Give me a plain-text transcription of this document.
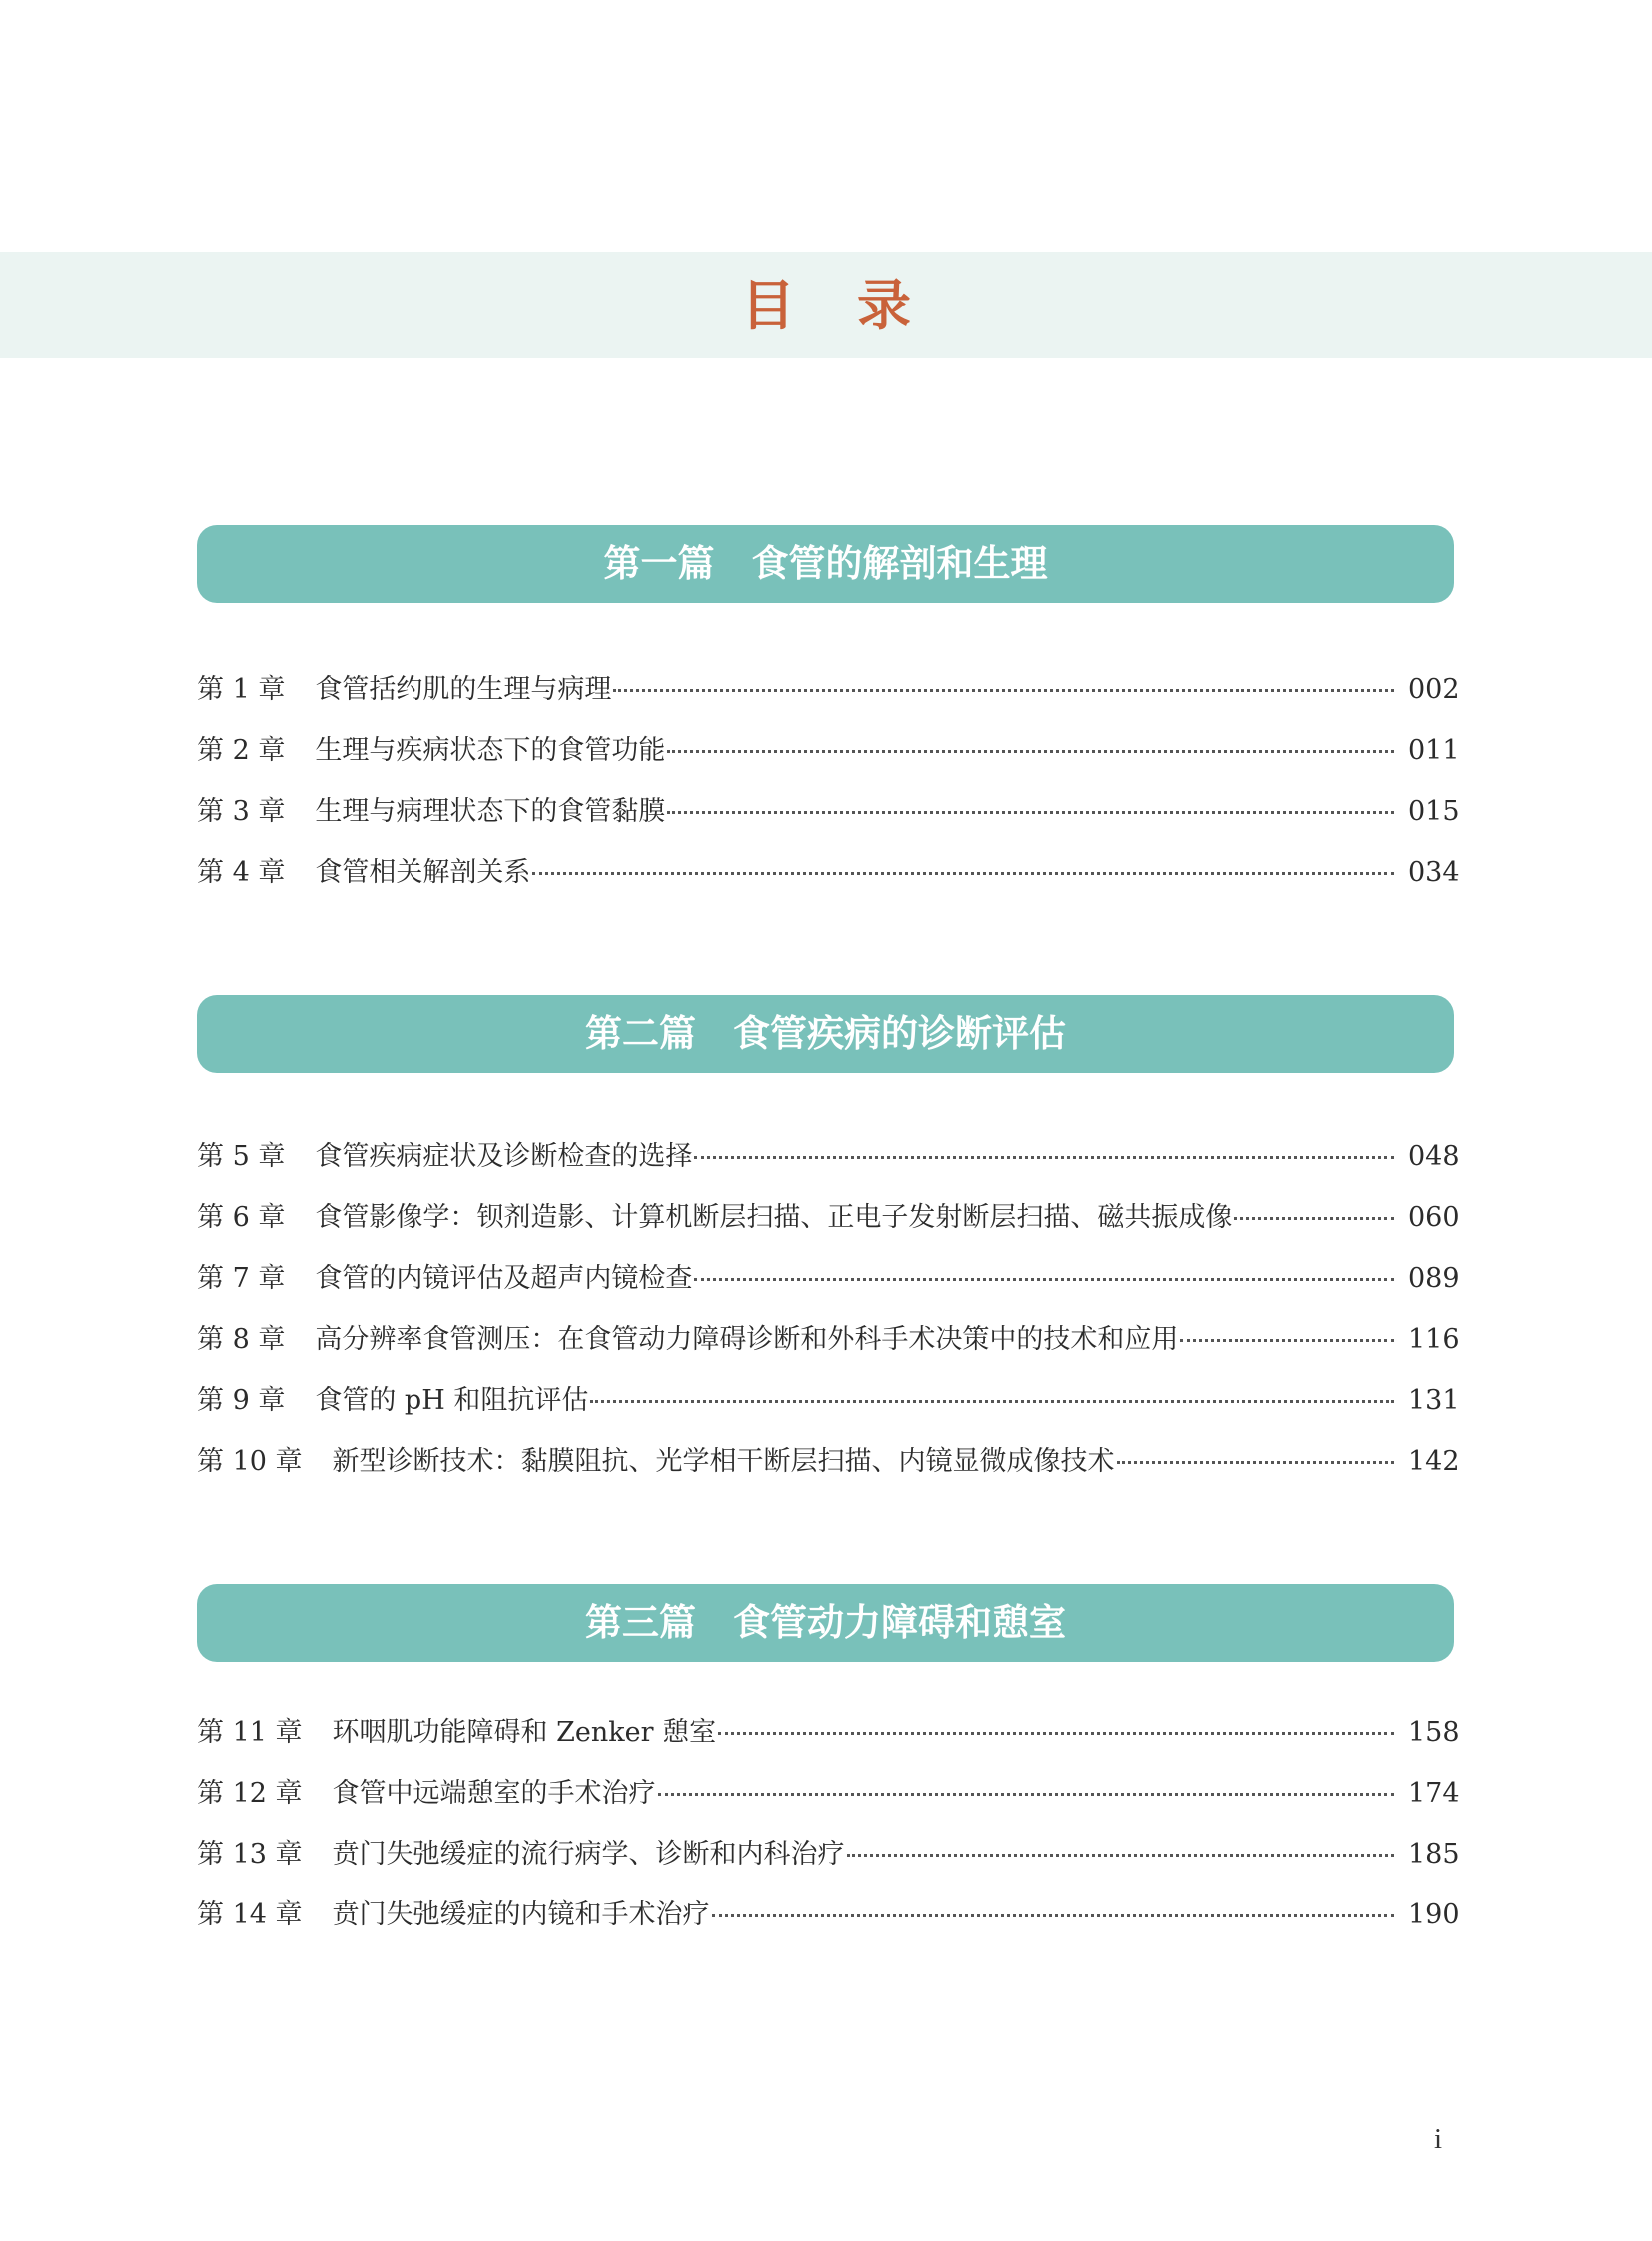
目录
第一篇　食管的解剖和生理
第 1 章 食管括约肌的生理与病理	002
第 2 章 生理与疾病状态下的食管功能	011
第 3 章 生理与病理状态下的食管黏膜	015
第 4 章 食管相关解剖关系	034
第二篇　食管疾病的诊断评估
第 5 章 食管疾病症状及诊断检查的选择	048
第 6 章 食管影像学：钡剂造影、计算机断层扫描、正电子发射断层扫描、磁共振成像	060
第 7 章 食管的内镜评估及超声内镜检查	089
第 8 章 高分辨率食管测压：在食管动力障碍诊断和外科手术决策中的技术和应用	116
第 9 章 食管的 pH 和阻抗评估	131
第 10 章 新型诊断技术：黏膜阻抗、光学相干断层扫描、内镜显微成像技术	142
第三篇　食管动力障碍和憩室
第 11 章 环咽肌功能障碍和 Zenker 憩室	158
第 12 章 食管中远端憩室的手术治疗	174
第 13 章 贲门失弛缓症的流行病学、诊断和内科治疗	185
第 14 章 贲门失弛缓症的内镜和手术治疗	190
i
